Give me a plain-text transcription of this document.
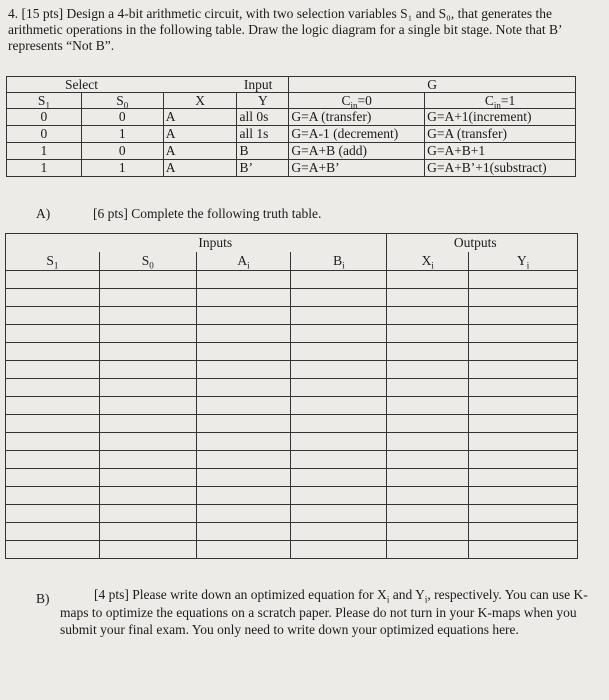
4. [15 pts] Design a 4-bit arithmetic circuit, with two selection variables S₁ and S₀, that generates the arithmetic operations in the following table. Draw the logic diagram for a single bit stage. Note that B’ represents “Not B”.
Select		Input		G	
$S_1$	$S_0$	X	Y	$C_{in}=0$	$C_{in}=1$
0	0	A	all 0s	G=A (transfer)	G=A+1(increment)
0	1	A	all 1s	G=A-1 (decrement)	G=A (transfer)
1	0	A	B	G=A+B (add)	G=A+B+1
1	1	A	B’	G=A+B’	G=A+B’+1(substract)
A)	[6 pts] Complete the following truth table.
	Inputs			Outputs	
$S_1$	$S_0$	$A_i$	$B_i$	$X_i$	$Y_i$

B)	[4 pts] Please write down an optimized equation for $X_i$ and $Y_i$, respectively. You can use K-maps to optimize the equations on a scratch paper. Please do not turn in your K-maps when you submit your final exam. You only need to write down your optimized equations here.
